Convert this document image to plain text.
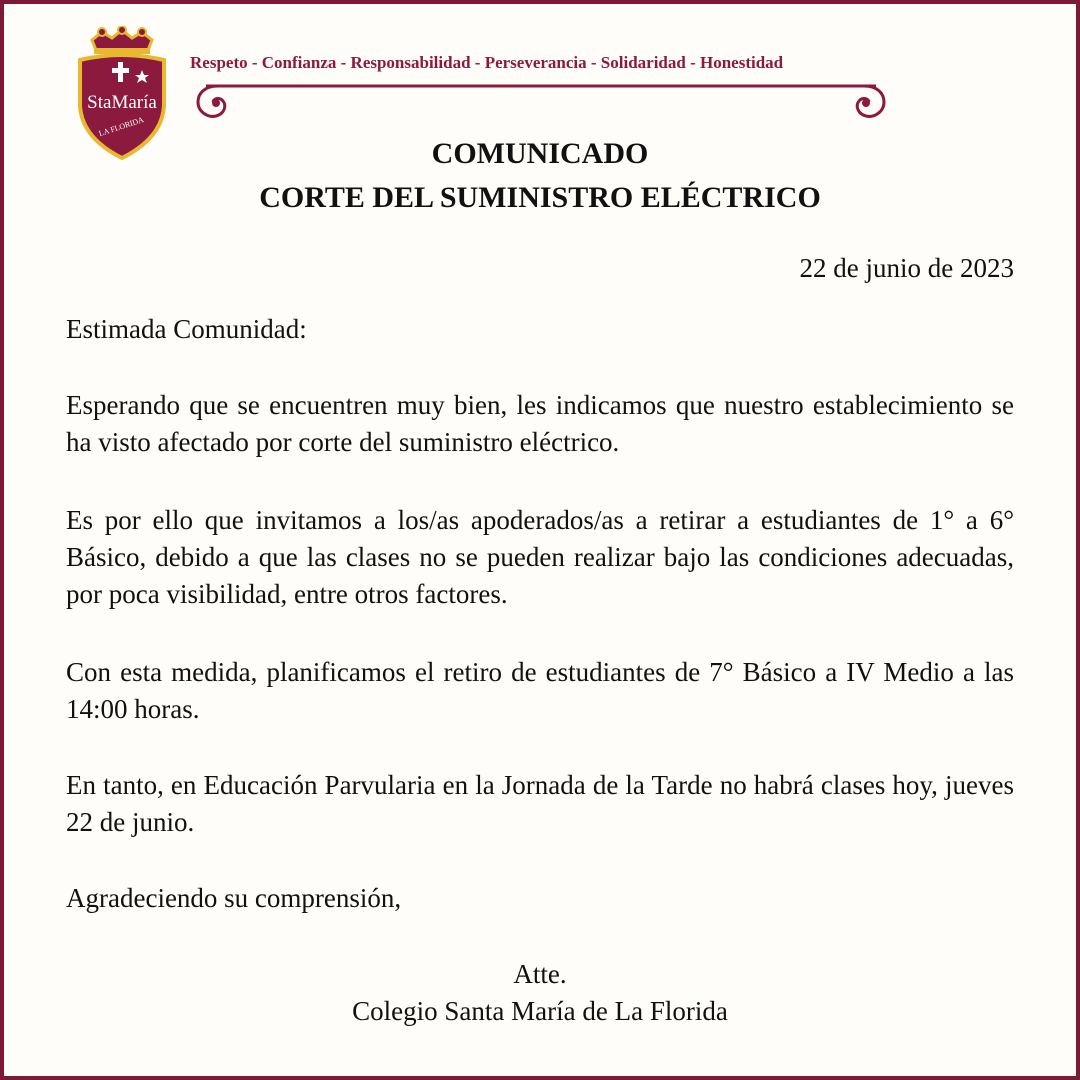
StaMaría
LA FLORIDA
Respeto - Confianza - Responsabilidad - Perseverancia - Solidaridad - Honestidad
COMUNICADO
CORTE DEL SUMINISTRO ELÉCTRICO
22 de junio de 2023

Estimada Comunidad:

Esperando que se encuentren muy bien, les indicamos que nuestro establecimiento se ha visto afectado por corte del suministro eléctrico.

Es por ello que invitamos a los/as apoderados/as a retirar a estudiantes de 1° a 6° Básico, debido a que las clases no se pueden realizar bajo las condiciones adecuadas, por poca visibilidad, entre otros factores.

Con esta medida, planificamos el retiro de estudiantes de 7° Básico a IV Medio a las 14:00 horas.

En tanto, en Educación Parvularia en la Jornada de la Tarde no habrá clases hoy, jueves 22 de junio.

Agradeciendo su comprensión,

Atte.
Colegio Santa María de La Florida
